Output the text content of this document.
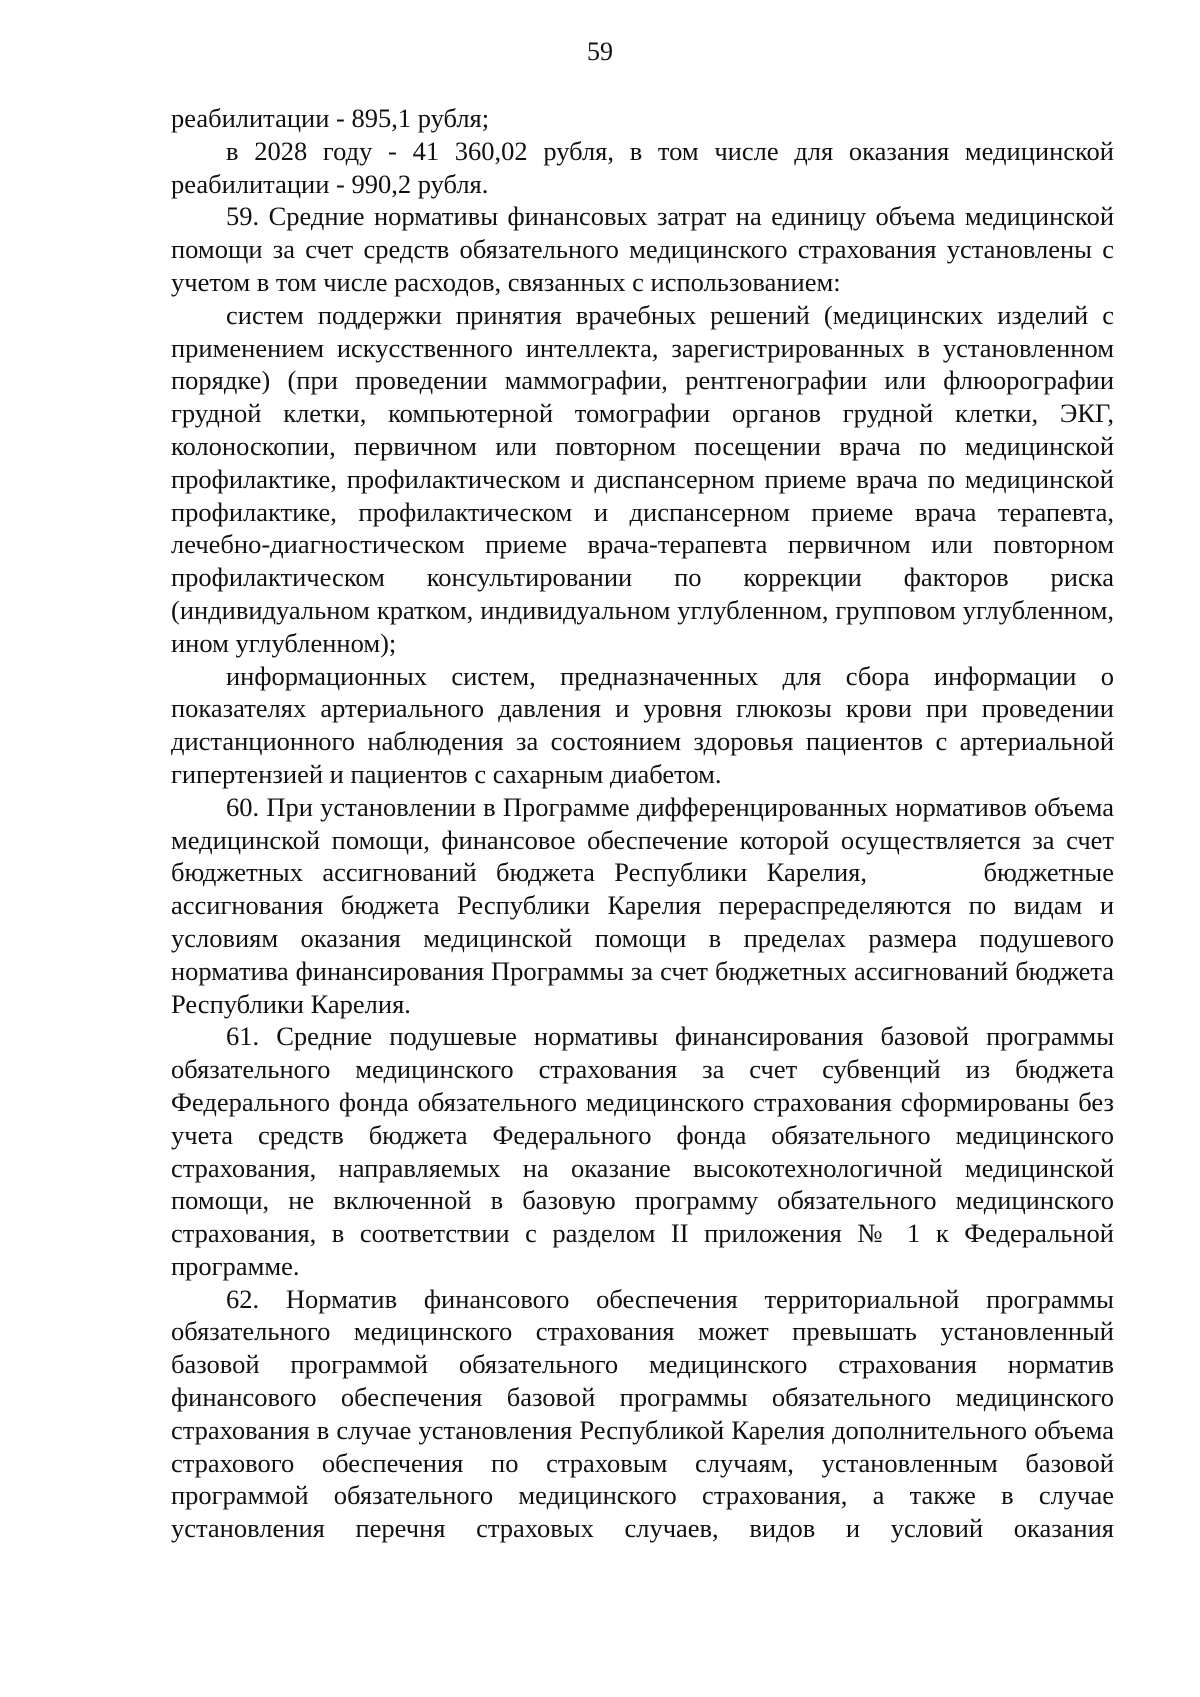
59

реабилитации - 895,1 рубля;

в 2028 году - 41 360,02 рубля, в том числе для оказания медицинской реабилитации - 990,2 рубля.

59. Средние нормативы финансовых затрат на единицу объема медицинской помощи за счет средств обязательного медицинского страхования установлены с учетом в том числе расходов, связанных с использованием:

систем поддержки принятия врачебных решений (медицинских изделий с применением искусственного интеллекта, зарегистрированных в установленном порядке) (при проведении маммографии, рентгенографии или флюорографии грудной клетки, компьютерной томографии органов грудной клетки, ЭКГ, колоноскопии, первичном или повторном посещении врача по медицинской профилактике, профилактическом и диспансерном приеме врача по медицинской профилактике, профилактическом и диспансерном приеме врача терапевта, лечебно-диагностическом приеме врача-терапевта первичном или повторном профилактическом консультировании по коррекции факторов риска (индивидуальном кратком, индивидуальном углубленном, групповом углубленном, ином углубленном);

информационных систем, предназначенных для сбора информации о показателях артериального давления и уровня глюкозы крови при проведении дистанционного наблюдения за состоянием здоровья пациентов с артериальной гипертензией и пациентов с сахарным диабетом.

60. При установлении в Программе дифференцированных нормативов объема медицинской помощи, финансовое обеспечение которой осуществляется за счет бюджетных ассигнований бюджета Республики Карелия,      бюджетные ассигнования бюджета Республики Карелия перераспределяются по видам и условиям оказания медицинской помощи в пределах размера подушевого норматива финансирования Программы за счет бюджетных ассигнований бюджета Республики Карелия.

61. Средние подушевые нормативы финансирования базовой программы обязательного медицинского страхования за счет субвенций из бюджета Федерального фонда обязательного медицинского страхования сформированы без учета средств бюджета Федерального фонда обязательного медицинского страхования, направляемых на оказание высокотехнологичной медицинской помощи, не включенной в базовую программу обязательного медицинского страхования, в соответствии с разделом II приложения № 1 к Федеральной программе.

62. Норматив финансового обеспечения территориальной программы обязательного медицинского страхования может превышать установленный базовой программой обязательного медицинского страхования норматив финансового обеспечения базовой программы обязательного медицинского страхования в случае установления Республикой Карелия дополнительного объема страхового обеспечения по страховым случаям, установленным базовой программой обязательного медицинского страхования, а также в случае установления перечня страховых случаев, видов и условий оказания
